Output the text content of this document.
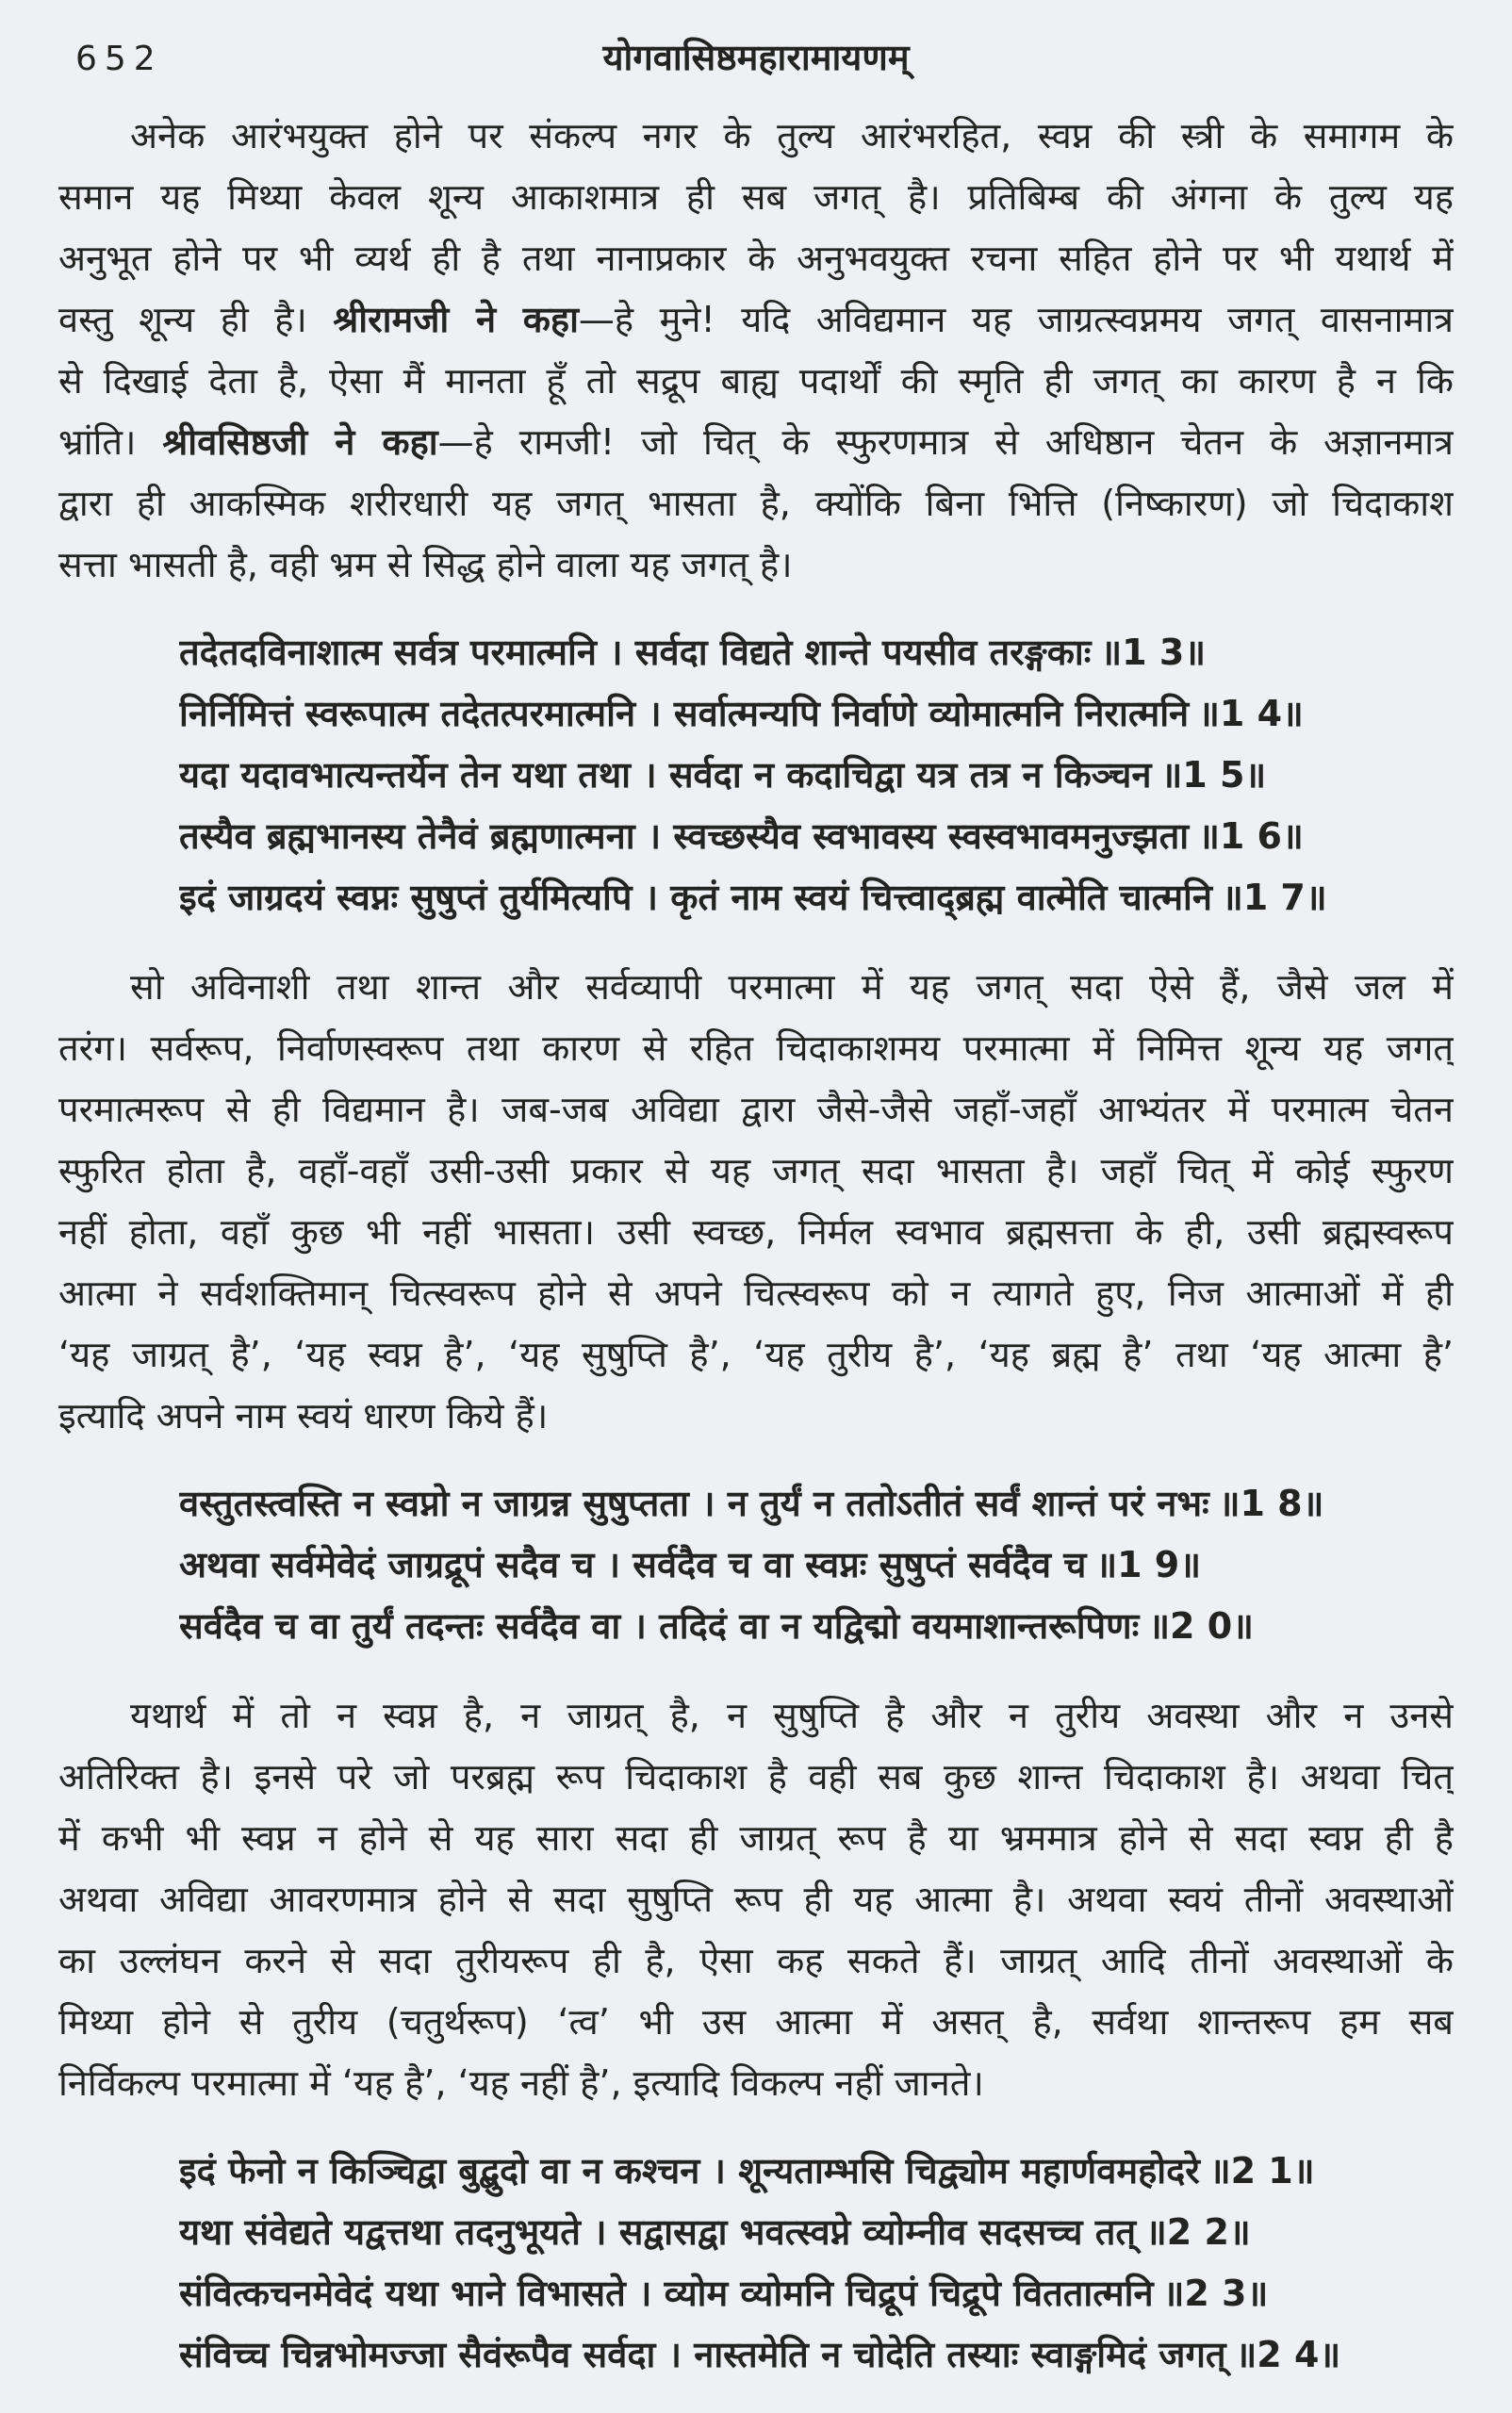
652	योगवासिष्ठमहारामायणम्
अनेक आरंभयुक्त होने पर संकल्प नगर के तुल्य आरंभरहित, स्वप्न की स्त्री के समागम के
समान यह मिथ्या केवल शून्य आकाशमात्र ही सब जगत् है। प्रतिबिम्ब की अंगना के तुल्य यह
अनुभूत होने पर भी व्यर्थ ही है तथा नानाप्रकार के अनुभवयुक्त रचना सहित होने पर भी यथार्थ में
वस्तु शून्य ही है। श्रीरामजी ने कहा—हे मुने! यदि अविद्यमान यह जाग्रत्स्वप्नमय जगत् वासनामात्र
से दिखाई देता है, ऐसा मैं मानता हूँ तो सद्रूप बाह्य पदार्थों की स्मृति ही जगत् का कारण है न कि
भ्रांति। श्रीवसिष्ठजी ने कहा—हे रामजी! जो चित् के स्फुरणमात्र से अधिष्ठान चेतन के अज्ञानमात्र
द्वारा ही आकस्मिक शरीरधारी यह जगत् भासता है, क्योंकि बिना भित्ति (निष्कारण) जो चिदाकाश
सत्ता भासती है, वही भ्रम से सिद्ध होने वाला यह जगत् है।
तदेतदविनाशात्म सर्वत्र परमात्मनि । सर्वदा विद्यते शान्ते पयसीव तरङ्गकाः ॥1 3॥
निर्निमित्तं स्वरूपात्म तदेतत्परमात्मनि । सर्वात्मन्यपि निर्वाणे व्योमात्मनि निरात्मनि ॥1 4॥
यदा यदावभात्यन्तर्येन तेन यथा तथा । सर्वदा न कदाचिद्वा यत्र तत्र न किञ्चन ॥1 5॥
तस्यैव ब्रह्मभानस्य तेनैवं ब्रह्मणात्मना । स्वच्छस्यैव स्वभावस्य स्वस्वभावमनुज्झता ॥1 6॥
इदं जाग्रदयं स्वप्नः सुषुप्तं तुर्यमित्यपि । कृतं नाम स्वयं चित्त्वाद्ब्रह्म वात्मेति चात्मनि ॥1 7॥
सो अविनाशी तथा शान्त और सर्वव्यापी परमात्मा में यह जगत् सदा ऐसे हैं, जैसे जल में
तरंग। सर्वरूप, निर्वाणस्वरूप तथा कारण से रहित चिदाकाशमय परमात्मा में निमित्त शून्य यह जगत्
परमात्मरूप से ही विद्यमान है। जब-जब अविद्या द्वारा जैसे-जैसे जहाँ-जहाँ आभ्यंतर में परमात्म चेतन
स्फुरित होता है, वहाँ-वहाँ उसी-उसी प्रकार से यह जगत् सदा भासता है। जहाँ चित् में कोई स्फुरण
नहीं होता, वहाँ कुछ भी नहीं भासता। उसी स्वच्छ, निर्मल स्वभाव ब्रह्मसत्ता के ही, उसी ब्रह्मस्वरूप
आत्मा ने सर्वशक्तिमान् चित्स्वरूप होने से अपने चित्स्वरूप को न त्यागते हुए, निज आत्माओं में ही
‘यह जाग्रत् है’, ‘यह स्वप्न है’, ‘यह सुषुप्ति है’, ‘यह तुरीय है’, ‘यह ब्रह्म है’ तथा ‘यह आत्मा है’
इत्यादि अपने नाम स्वयं धारण किये हैं।
वस्तुतस्त्वस्ति न स्वप्नो न जाग्रन्न सुषुप्तता । न तुर्यं न ततोऽतीतं सर्वं शान्तं परं नभः ॥1 8॥
अथवा सर्वमेवेदं जाग्रद्रूपं सदैव च । सर्वदैव च वा स्वप्नः सुषुप्तं सर्वदैव च ॥1 9॥
सर्वदैव च वा तुर्यं तदन्तः सर्वदैव वा । तदिदं वा न यद्विद्मो वयमाशान्तरूपिणः ॥2 0॥
यथार्थ में तो न स्वप्न है, न जाग्रत् है, न सुषुप्ति है और न तुरीय अवस्था और न उनसे
अतिरिक्त है। इनसे परे जो परब्रह्म रूप चिदाकाश है वही सब कुछ शान्त चिदाकाश है। अथवा चित्
में कभी भी स्वप्न न होने से यह सारा सदा ही जाग्रत् रूप है या भ्रममात्र होने से सदा स्वप्न ही है
अथवा अविद्या आवरणमात्र होने से सदा सुषुप्ति रूप ही यह आत्मा है। अथवा स्वयं तीनों अवस्थाओं
का उल्लंघन करने से सदा तुरीयरूप ही है, ऐसा कह सकते हैं। जाग्रत् आदि तीनों अवस्थाओं के
मिथ्या होने से तुरीय (चतुर्थरूप) ‘त्व’ भी उस आत्मा में असत् है, सर्वथा शान्तरूप हम सब
निर्विकल्प परमात्मा में ‘यह है’, ‘यह नहीं है’, इत्यादि विकल्प नहीं जानते।
इदं फेनो न किञ्चिद्वा बुद्बुदो वा न कश्चन । शून्यताम्भसि चिद्व्योम महार्णवमहोदरे ॥2 1॥
यथा संवेद्यते यद्वत्तथा तदनुभूयते । सद्वासद्वा भवत्स्वप्ने व्योम्नीव सदसच्च तत् ॥2 2॥
संवित्कचनमेवेदं यथा भाने विभासते । व्योम व्योमनि चिद्रूपं चिद्रूपे विततात्मनि ॥2 3॥
संविच्च चिन्नभोमज्जा सैवंरूपैव सर्वदा । नास्तमेति न चोदेति तस्याः स्वाङ्गमिदं जगत् ॥2 4॥
